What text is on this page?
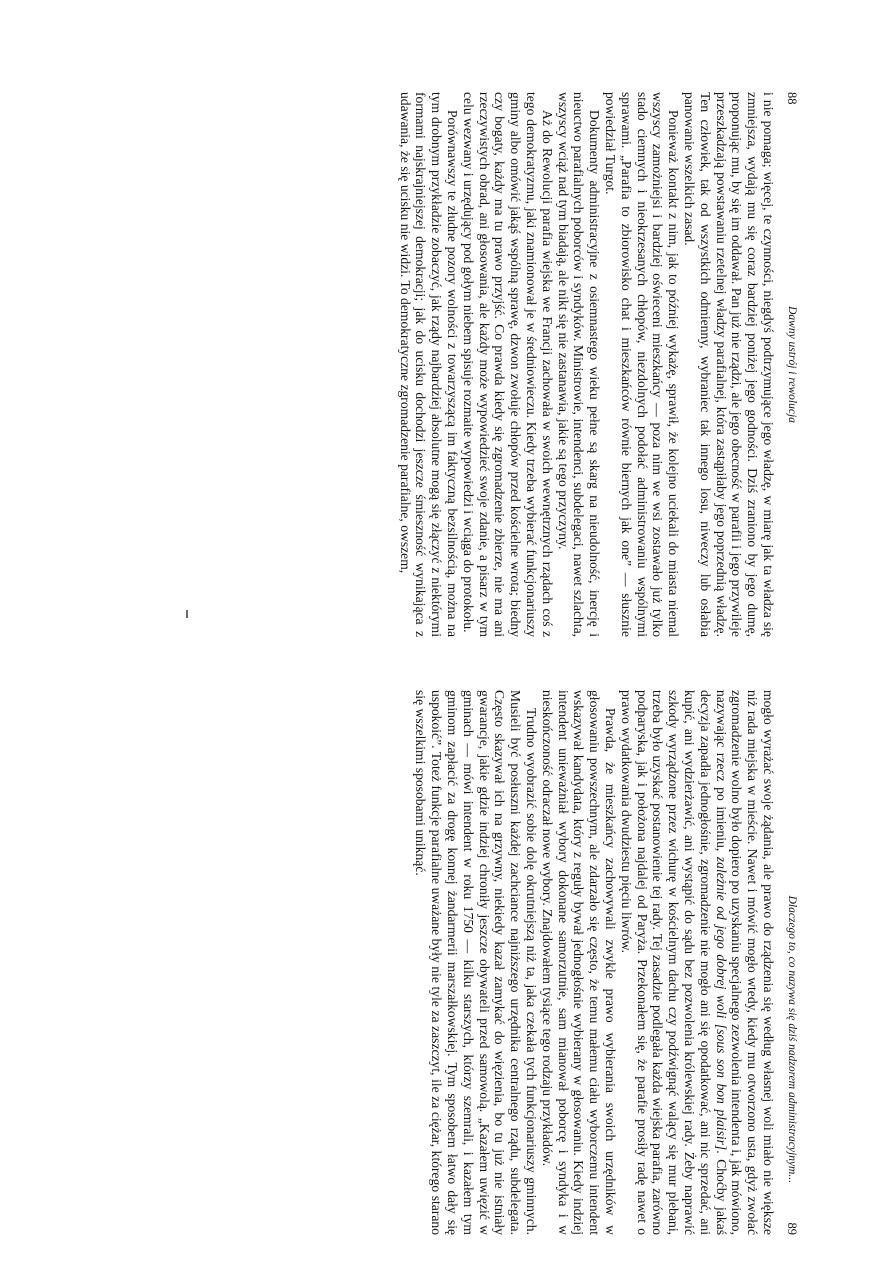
88
Dawny ustrój i rewolucja

i nie pomaga; więcej, te czynności, niegdyś podtrzymujące jego władzę, w miarę jak ta władza się zmniejsza, wydają mu się coraz bardziej poniżej jego godności. Dziś zraniono by jego dumę, proponując mu, by się im oddawał. Pan już nie rządzi, ale jego obecność w parafii i jego przywileje przeszkadzają powstawaniu rzetelnej władzy parafialnej, która zastąpiłaby jego poprzednią władzę. Ten człowiek, tak od wszystkich odmienny, wybraniec tak innego losu, niweczy lub osłabia panowanie wszelkich zasad.

Ponieważ kontakt z nim, jak to później wykażę, sprawił, że kolejno uciekali do miasta niemal wszyscy zamożniejsi i bardziej oświeceni mieszkańcy — poza nim we wsi zostawało już tylko stado ciemnych i nieokrzesanych chłopów, niezdolnych podołać administrowaniu wspólnymi sprawami. „Parafia to zbiorowisko chat i mieszkańców równie biernych jak one” — słusznie powiedział Turgot.

Dokumenty administracyjne z osiemnastego wieku pełne są skarg na nieudolność, inercję i nieuctwo parafialnych poborców i syndyków. Ministrowie, intendenci, subdelegaci, nawet szlachta, wszyscy wciąż nad tym biadają, ale nikt się nie zastanawia, jakie są tego przyczyny.

Aż do Rewolucji parafia wiejska we Francji zachowała w swoich wewnętrznych rządach coś z tego demokratyzmu, jaki znamionował je w średniowieczu. Kiedy trzeba wybierać funkcjonariuszy gminy albo omówić jakąś wspólną sprawę, dzwon zwołuje chłopów przed kościelne wrota; biedny czy bogaty, każdy ma tu prawo przyjść. Co prawda kiedy się zgromadzenie zbierze, nie ma ani rzeczywistych obrad, ani głosowania, ale każdy może wypowiedzieć swoje zdanie, a pisarz w tym celu wezwany i urzędujący pod gołym niebem spisuje rozmaite wypowiedzi i wciąga do protokołu.

Porównawszy te złudne pozory wolności z towarzyszącą im faktyczną bezsilnością, można na tym drobnym przykładzie zobaczyć, jak rządy najbardziej absolutne mogą się złączyć z niektórymi formami najskrajniejszej demokracji; jak do ucisku dochodzi jeszcze śmieszność wynikająca z udawania, że się ucisku nie widzi. To demokratyczne zgromadzenie parafialne, owszem,

Dlaczego to, co nazywa się dziś nadzorem administracyjnym...
89

mogło wyrażać swoje żądania, ale prawo do rządzenia się według własnej woli miało nie większe niż rada miejska w mieście. Nawet i mówić mogło wtedy, kiedy mu otworzono usta, gdyż zwołać zgromadzenie wolno było dopiero po uzyskaniu specjalnego zezwolenia intendenta i, jak mówiono, nazywając rzecz po imieniu, zależnie od jego dobrej woli [sous son bon plaisir]. Choćby jakaś decyzja zapadła jednogłośnie, zgromadzenie nie mogło ani się opodatkować, ani nic sprzedać, ani kupić, ani wydzierżawić, ani wystąpić do sądu bez pozwolenia królewskiej rady. Żeby naprawić szkody wyrządzone przez wichurę w kościelnym dachu czy podźwignąć walący się mur plebani, trzeba było uzyskać postanowienie tej rady. Tej zasadzie podlegała każda wiejska parafia, zarówno podparyska, jak i położona najdalej od Paryża. Przekonałem się, że parafie prosiły radę nawet o prawo wydatkowania dwudziestu pięciu liwrów.

Prawda, że mieszkańcy zachowywali zwykle prawo wybierania swoich urzędników w głosowaniu powszechnym, ale zdarzało się często, że temu małemu ciału wyborczemu intendent wskazywał kandydata, który z reguły bywał jednogłośnie wybierany w głosowaniu. Kiedy indziej intendent unieważniał wybory dokonane samorzutnie, sam mianował poborcę i syndyka i w nieskończoność odraczał nowe wybory. Znajdowałem tysiące tego rodzaju przykładów.

Trudno wyobrazić sobie dolę okrutniejszą niż ta, jaka czekała tych funkcjonariuszy gminnych. Musieli być posłuszni każdej zachciance najniższego urzędnika centralnego rządu, subdelegata. Często skazywał ich na grzywny, niekiedy kazał zamykać do więzienia, bo tu już nie istniały gwarancje, jakie gdzie indziej chroniły jeszcze obywateli przed samowolą. „Kazałem uwięzić w gminach — mówi intendent w roku 1750 — kilku starszych, którzy szemrali, i kazałem tym gminom zapłacić za drogę konnej żandarmerii marszałkowskiej. Tym sposobem łatwo dały się uspokoić”. Toteż funkcje parafialne uważane były nie tyle za zaszczyt, ile za ciężar, którego starano się wszelkimi sposobami uniknąć.
